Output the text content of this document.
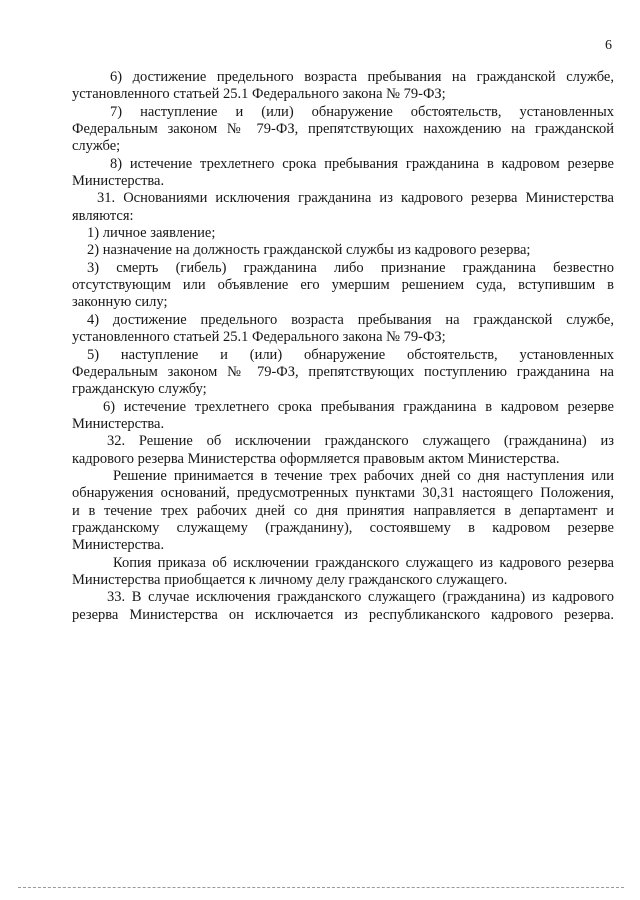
6
6) достижение предельного возраста пребывания на гражданской службе,
установленного статьей 25.1 Федерального закона № 79-ФЗ;
7) наступление и (или) обнаружение обстоятельств, установленных
Федеральным законом № 79-ФЗ, препятствующих нахождению на гражданской
службе;
8) истечение трехлетнего срока пребывания гражданина в кадровом резерве
Министерства.
31. Основаниями исключения гражданина из кадрового резерва Министерства
являются:
1) личное заявление;
2) назначение на должность гражданской службы из кадрового резерва;
3) смерть (гибель) гражданина либо признание гражданина безвестно
отсутствующим или объявление его умершим решением суда, вступившим в
законную силу;
4) достижение предельного возраста пребывания на гражданской службе,
установленного статьей 25.1 Федерального закона № 79-ФЗ;
5) наступление и (или) обнаружение обстоятельств, установленных
Федеральным законом № 79-ФЗ, препятствующих поступлению гражданина на
гражданскую службу;
6) истечение трехлетнего срока пребывания гражданина в кадровом резерве
Министерства.
32. Решение об исключении гражданского служащего (гражданина) из
кадрового резерва Министерства оформляется правовым актом Министерства.
Решение принимается в течение трех рабочих дней со дня наступления или
обнаружения оснований, предусмотренных пунктами 30,31 настоящего Положения,
и в течение трех рабочих дней со дня принятия направляется в департамент и
гражданскому служащему (гражданину), состоявшему в кадровом резерве
Министерства.
Копия приказа об исключении гражданского служащего из кадрового резерва
Министерства приобщается к личному делу гражданского служащего.
33. В случае исключения гражданского служащего (гражданина) из кадрового
резерва Министерства он исключается из республиканского кадрового резерва.
